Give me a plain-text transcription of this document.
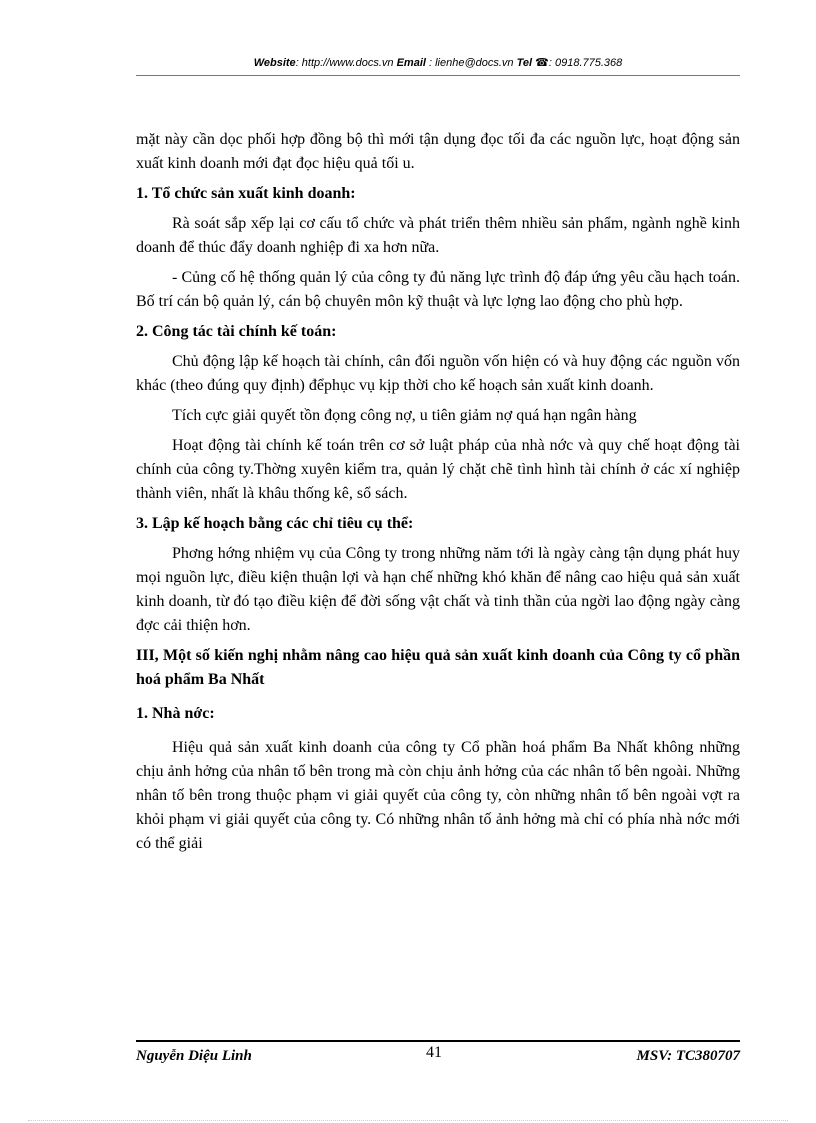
Website: http://www.docs.vn Email : lienhe@docs.vn Tel ☎: 0918.775.368

mặt này cần dọc phối hợp đồng bộ thì mới tận dụng đọc tối đa các nguồn lực, hoạt động sản xuất kinh doanh mới đạt đọc hiệu quả tối u.

1. Tổ chức sản xuất kinh doanh:

Rà soát sắp xếp lại cơ cấu tổ chức và phát triển thêm nhiều sản phẩm, ngành nghề kinh doanh để thúc đẩy doanh nghiệp đi xa hơn nữa.

- Củng cố hệ thống quản lý của công ty đủ năng lực trình độ đáp ứng yêu cầu hạch toán. Bố trí cán bộ quản lý, cán bộ chuyên môn kỹ thuật và lực lợng lao động cho phù hợp.

2. Công tác tài chính kế toán:

Chủ động lập kế hoạch tài chính, cân đối nguồn vốn hiện có và huy động các nguồn vốn khác (theo đúng quy định) đểphục vụ kịp thời cho kế hoạch sản xuất kinh doanh.

Tích cực giải quyết tồn đọng công nợ, u tiên giảm nợ quá hạn ngân hàng

Hoạt động tài chính kế toán trên cơ sở luật pháp của nhà nớc và quy chế hoạt động tài chính của công ty.Thờng xuyên kiểm tra, quản lý chặt chẽ tình hình tài chính ở các xí nghiệp thành viên, nhất là khâu thống kê, sổ sách.

3. Lập kế hoạch bằng các chỉ tiêu cụ thể:

Phơng hớng nhiệm vụ của Công ty trong những năm tới là ngày càng tận dụng phát huy mọi nguồn lực, điều kiện thuận lợi và hạn chế những khó khăn để nâng cao hiệu quả sản xuất kinh doanh, từ đó tạo điều kiện để đời sống vật chất và tinh thần của ngời lao động ngày càng đợc cải thiện hơn.

III, Một số kiến nghị nhằm nâng cao hiệu quả sản xuất kinh doanh của Công ty cổ phần hoá phẩm Ba Nhất

1. Nhà nớc:

Hiệu quả sản xuất kinh doanh của công ty Cổ phần hoá phẩm Ba Nhất không những chịu ảnh hởng của nhân tố bên trong mà còn chịu ảnh hởng của các nhân tố bên ngoài. Những nhân tố bên trong thuộc phạm vi giải quyết của công ty, còn những nhân tố bên ngoài vợt ra khỏi phạm vi giải quyết của công ty. Có những nhân tố ảnh hởng mà chỉ có phía nhà nớc mới có thể giải

Nguyễn Diệu Linh	41	MSV: TC380707
